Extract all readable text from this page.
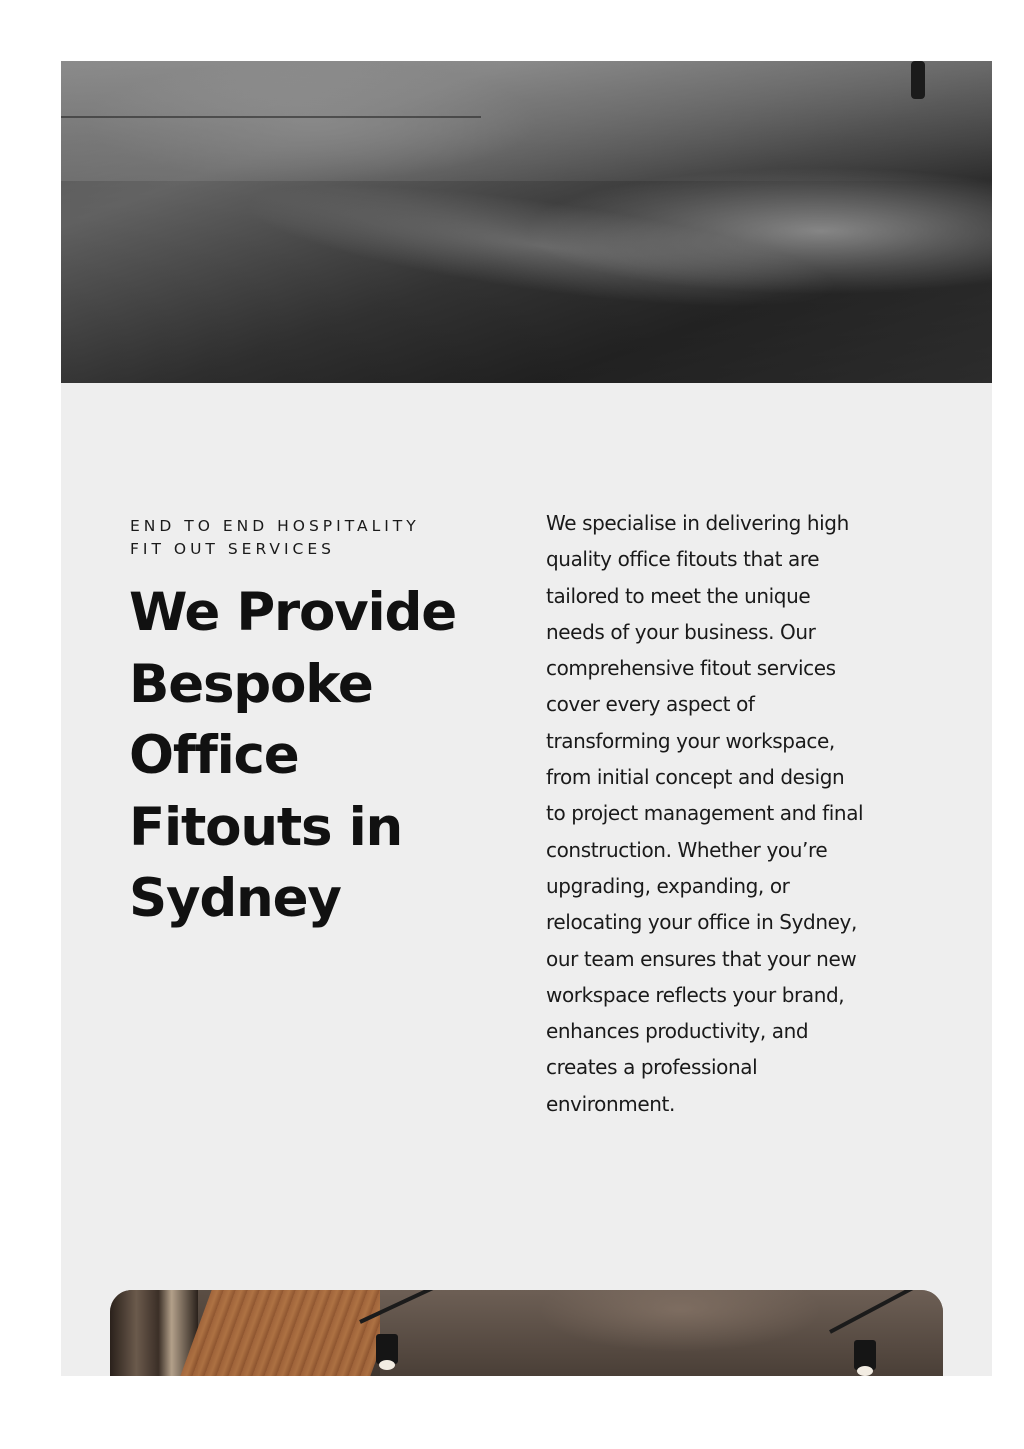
END TO END HOSPITALITY
FIT OUT SERVICES

We Provide
Bespoke
Office
Fitouts in
Sydney

We specialise in delivering high
quality office fitouts that are
tailored to meet the unique
needs of your business. Our
comprehensive fitout services
cover every aspect of
transforming your workspace,
from initial concept and design
to project management and final
construction. Whether you’re
upgrading, expanding, or
relocating your office in Sydney,
our team ensures that your new
workspace reflects your brand,
enhances productivity, and
creates a professional
environment.
